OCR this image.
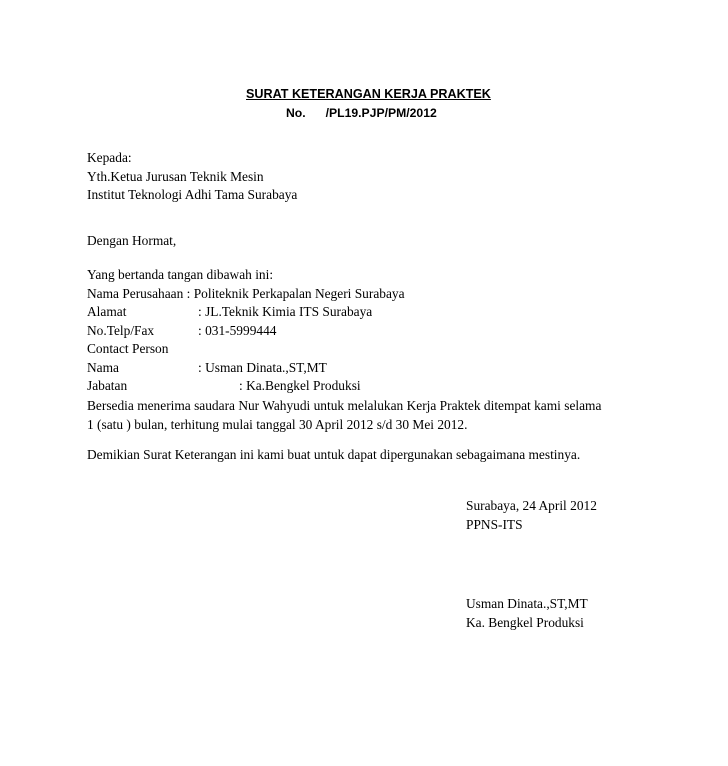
SURAT KETERANGAN KERJA PRAKTEK
No. /PL19.PJP/PM/2012
Kepada:
Yth.Ketua Jurusan Teknik Mesin
Institut Teknologi Adhi Tama Surabaya
Dengan Hormat,
Yang bertanda tangan dibawah ini:
Nama Perusahaan : Politeknik Perkapalan Negeri Surabaya
Alamat	: JL.Teknik Kimia ITS Surabaya
No.Telp/Fax	: 031-5999444
Contact Person
Nama	: Usman Dinata.,ST,MT
Jabatan	: Ka.Bengkel Produksi
Bersedia menerima saudara Nur Wahyudi untuk melalukan Kerja Praktek ditempat kami selama
1 (satu ) bulan, terhitung mulai tanggal 30 April 2012 s/d 30 Mei 2012.
Demikian Surat Keterangan ini kami buat untuk dapat dipergunakan sebagaimana mestinya.
Surabaya, 24 April 2012
PPNS-ITS
Usman Dinata.,ST,MT
Ka. Bengkel Produksi
